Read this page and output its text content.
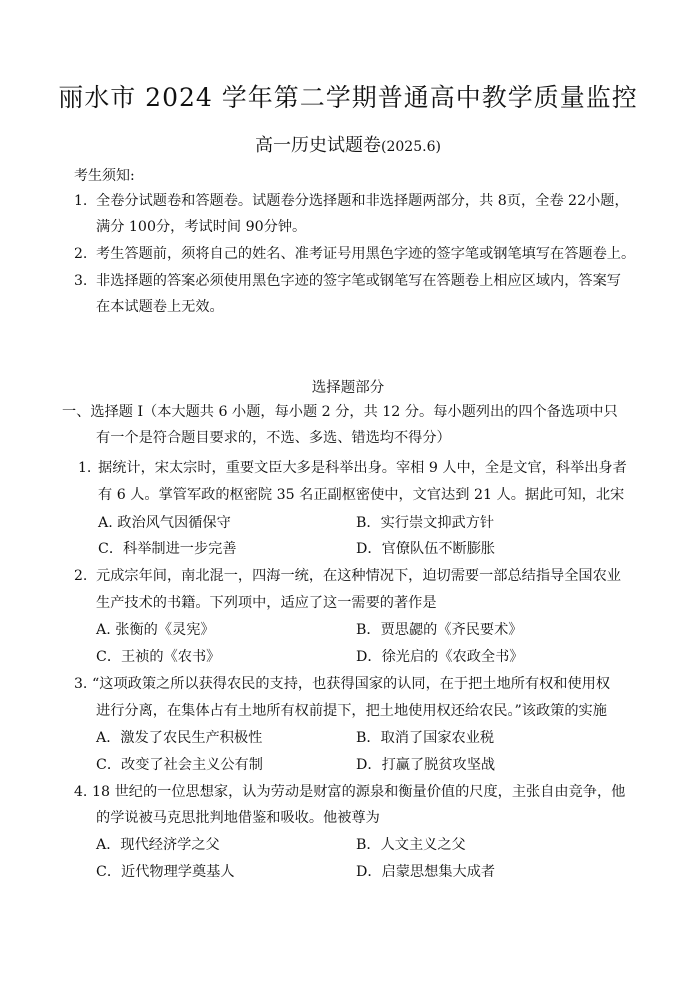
丽水市 2024 学年第二学期普通高中教学质量监控
高一历史试题卷(2025.6)
考生须知:
1. 全卷分试题卷和答题卷。试题卷分选择题和非选择题两部分，共 8页，全卷 22小题，
满分 100分，考试时间 90分钟。
2. 考生答题前，须将自己的姓名、准考证号用黑色字迹的签字笔或钢笔填写在答题卷上。
3. 非选择题的答案必须使用黑色字迹的签字笔或钢笔写在答题卷上相应区域内，答案写
在本试题卷上无效。
选择题部分
一、选择题 I（本大题共 6 小题，每小题 2 分，共 12 分。每小题列出的四个备选项中只
有一个是符合题目要求的，不选、多选、错选均不得分）
1. 据统计，宋太宗时，重要文臣大多是科举出身。宰相 9 人中，全是文官，科举出身者
有 6 人。掌管军政的枢密院 35 名正副枢密使中，文官达到 21 人。据此可知，北宋
A. 政治风气因循保守	B．实行崇文抑武方针
C．科举制进一步完善	D．官僚队伍不断膨胀
2. 元成宗年间，南北混一，四海一统，在这种情况下，迫切需要一部总结指导全国农业
生产技术的书籍。下列项中，适应了这一需要的著作是
A. 张衡的《灵宪》	B．贾思勰的《齐民要术》
C．王祯的《农书》	D．徐光启的《农政全书》
3. “这项政策之所以获得农民的支持，也获得国家的认同，在于把土地所有权和使用权
进行分离，在集体占有土地所有权前提下，把土地使用权还给农民。”该政策的实施
A．激发了农民生产积极性	B．取消了国家农业税
C．改变了社会主义公有制	D．打赢了脱贫攻坚战
4. 18 世纪的一位思想家，认为劳动是财富的源泉和衡量价值的尺度，主张自由竞争，他
的学说被马克思批判地借鉴和吸收。他被尊为
A．现代经济学之父	B．人文主义之父
C．近代物理学奠基人	D．启蒙思想集大成者
